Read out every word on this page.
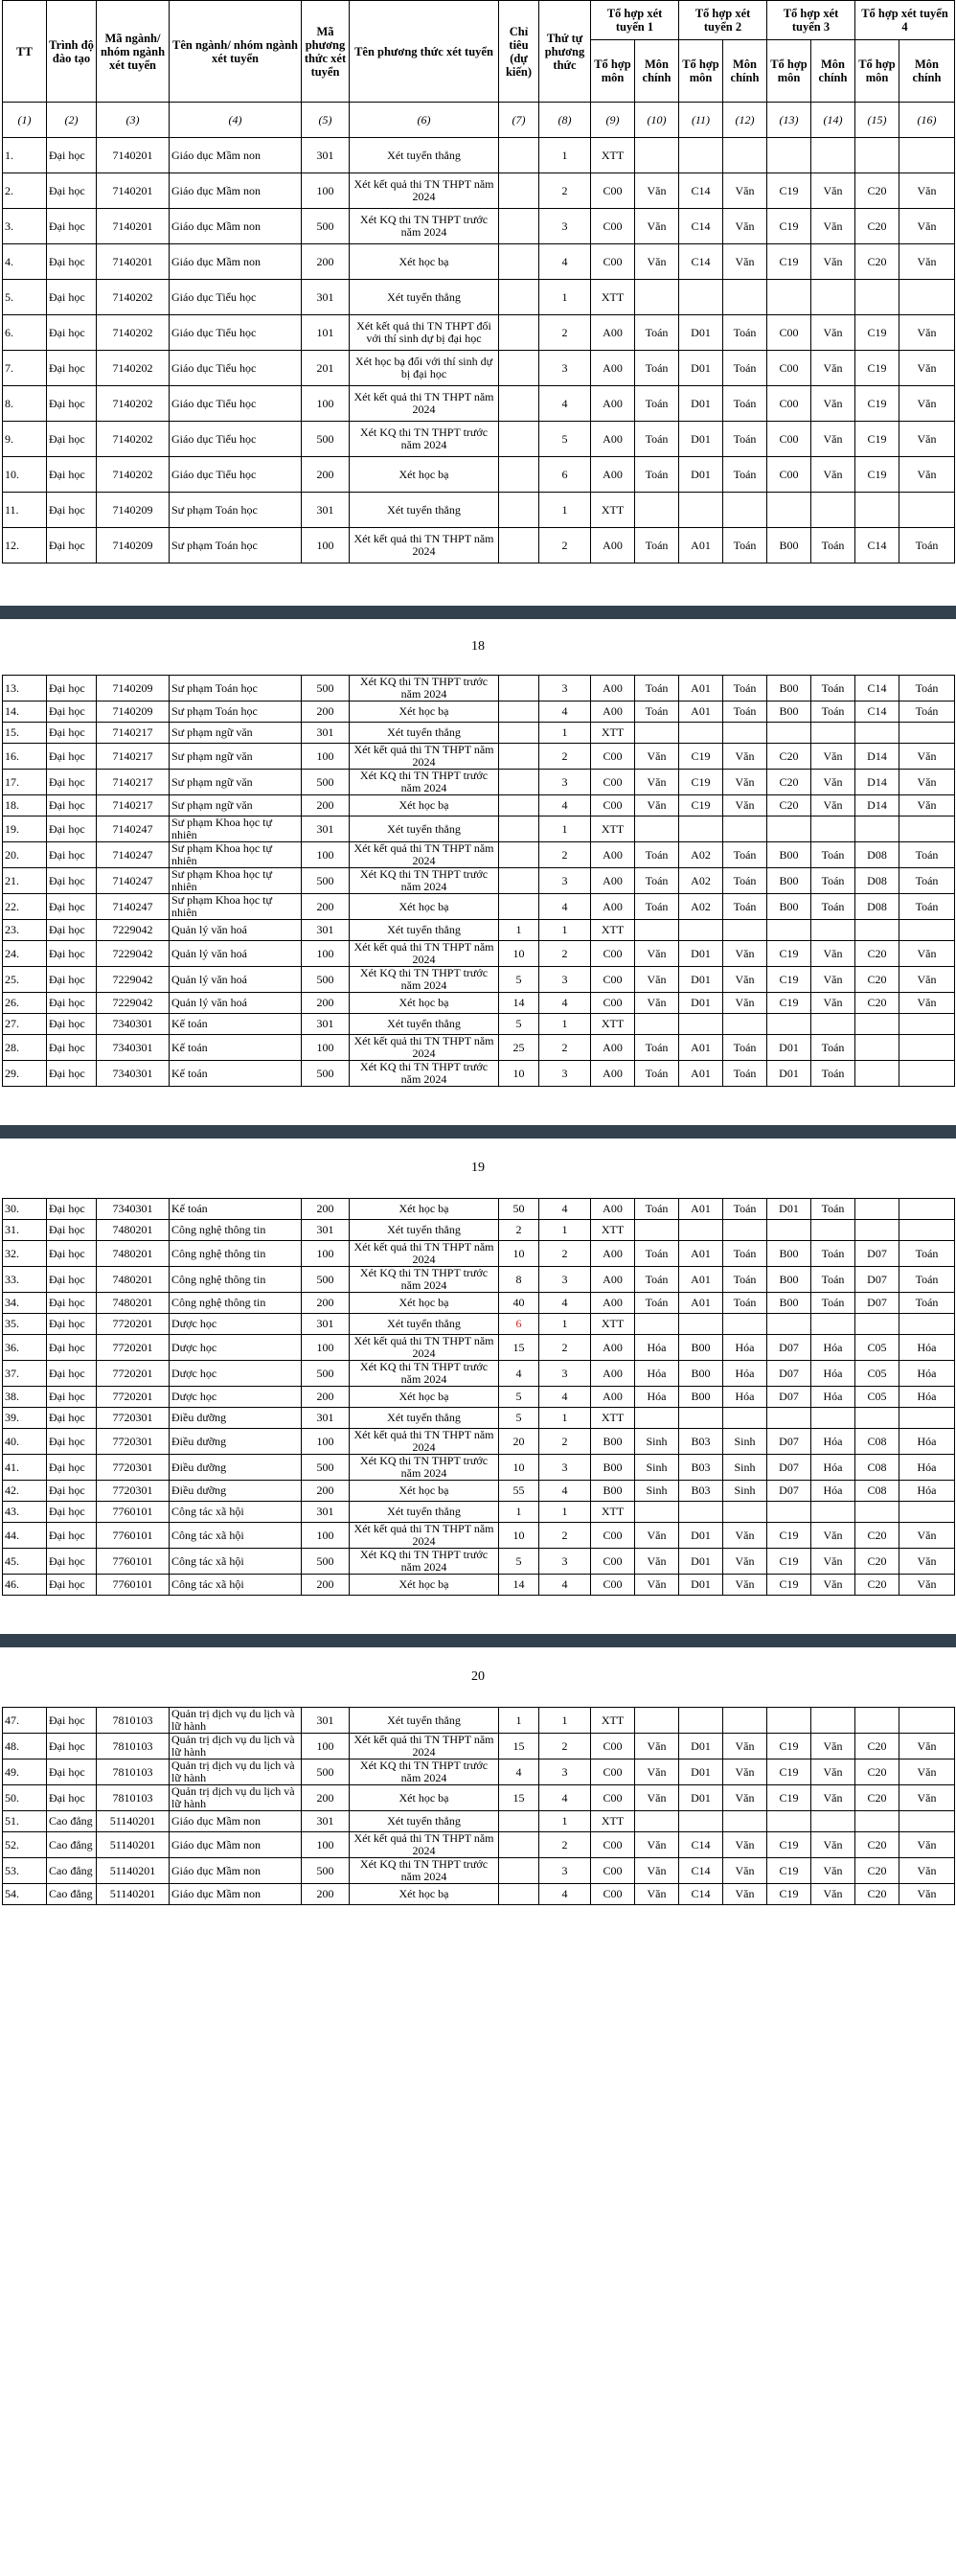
TT	Trình độ đào tạo	Mã ngành/ nhóm ngành xét tuyển	Tên ngành/ nhóm ngành xét tuyển	Mã phương thức xét tuyển	Tên phương thức xét tuyển	Chỉ tiêu (dự kiến)	Thứ tự phương thức	Tổ hợp xét tuyển 1		Tổ hợp xét tuyển 2		Tổ hợp xét tuyển 3		Tổ hợp xét tuyển 4	
								Tổ hợp môn	Môn chính	Tổ hợp môn	Môn chính	Tổ hợp môn	Môn chính	Tổ hợp môn	Môn chính
(1)	(2)	(3)	(4)	(5)	(6)	(7)	(8)	(9)	(10)	(11)	(12)	(13)	(14)	(15)	(16)
1.	Đại học	7140201	Giáo dục Mầm non	301	Xét tuyển thẳng		1	XTT							
2.	Đại học	7140201	Giáo dục Mầm non	100	Xét kết quả thi TN THPT năm 2024		2	C00	Văn	C14	Văn	C19	Văn	C20	Văn
3.	Đại học	7140201	Giáo dục Mầm non	500	Xét KQ thi TN THPT trước năm 2024		3	C00	Văn	C14	Văn	C19	Văn	C20	Văn
4.	Đại học	7140201	Giáo dục Mầm non	200	Xét học bạ		4	C00	Văn	C14	Văn	C19	Văn	C20	Văn
5.	Đại học	7140202	Giáo dục Tiểu học	301	Xét tuyển thẳng		1	XTT							
6.	Đại học	7140202	Giáo dục Tiểu học	101	Xét kết quả thi TN THPT đối với thí sinh dự bị đại học		2	A00	Toán	D01	Toán	C00	Văn	C19	Văn
7.	Đại học	7140202	Giáo dục Tiểu học	201	Xét học bạ đối với thí sinh dự bị đại học		3	A00	Toán	D01	Toán	C00	Văn	C19	Văn
8.	Đại học	7140202	Giáo dục Tiểu học	100	Xét kết quả thi TN THPT năm 2024		4	A00	Toán	D01	Toán	C00	Văn	C19	Văn
9.	Đại học	7140202	Giáo dục Tiểu học	500	Xét KQ thi TN THPT trước năm 2024		5	A00	Toán	D01	Toán	C00	Văn	C19	Văn
10.	Đại học	7140202	Giáo dục Tiểu học	200	Xét học bạ		6	A00	Toán	D01	Toán	C00	Văn	C19	Văn
11.	Đại học	7140209	Sư phạm Toán học	301	Xét tuyển thẳng		1	XTT							
12.	Đại học	7140209	Sư phạm Toán học	100	Xét kết quả thi TN THPT năm 2024		2	A00	Toán	A01	Toán	B00	Toán	C14	Toán
18
13.	Đại học	7140209	Sư phạm Toán học	500	Xét KQ thi TN THPT trước năm 2024		3	A00	Toán	A01	Toán	B00	Toán	C14	Toán
14.	Đại học	7140209	Sư phạm Toán học	200	Xét học bạ		4	A00	Toán	A01	Toán	B00	Toán	C14	Toán
15.	Đại học	7140217	Sư phạm ngữ văn	301	Xét tuyển thẳng		1	XTT							
16.	Đại học	7140217	Sư phạm ngữ văn	100	Xét kết quả thi TN THPT năm 2024		2	C00	Văn	C19	Văn	C20	Văn	D14	Văn
17.	Đại học	7140217	Sư phạm ngữ văn	500	Xét KQ thi TN THPT trước năm 2024		3	C00	Văn	C19	Văn	C20	Văn	D14	Văn
18.	Đại học	7140217	Sư phạm ngữ văn	200	Xét học bạ		4	C00	Văn	C19	Văn	C20	Văn	D14	Văn
19.	Đại học	7140247	Sư phạm Khoa học tự nhiên	301	Xét tuyển thẳng		1	XTT							
20.	Đại học	7140247	Sư phạm Khoa học tự nhiên	100	Xét kết quả thi TN THPT năm 2024		2	A00	Toán	A02	Toán	B00	Toán	D08	Toán
21.	Đại học	7140247	Sư phạm Khoa học tự nhiên	500	Xét KQ thi TN THPT trước năm 2024		3	A00	Toán	A02	Toán	B00	Toán	D08	Toán
22.	Đại học	7140247	Sư phạm Khoa học tự nhiên	200	Xét học bạ		4	A00	Toán	A02	Toán	B00	Toán	D08	Toán
23.	Đại học	7229042	Quản lý văn hoá	301	Xét tuyển thẳng	1	1	XTT							
24.	Đại học	7229042	Quản lý văn hoá	100	Xét kết quả thi TN THPT năm 2024	10	2	C00	Văn	D01	Văn	C19	Văn	C20	Văn
25.	Đại học	7229042	Quản lý văn hoá	500	Xét KQ thi TN THPT trước năm 2024	5	3	C00	Văn	D01	Văn	C19	Văn	C20	Văn
26.	Đại học	7229042	Quản lý văn hoá	200	Xét học bạ	14	4	C00	Văn	D01	Văn	C19	Văn	C20	Văn
27.	Đại học	7340301	Kế toán	301	Xét tuyển thẳng	5	1	XTT							
28.	Đại học	7340301	Kế toán	100	Xét kết quả thi TN THPT năm 2024	25	2	A00	Toán	A01	Toán	D01	Toán		
29.	Đại học	7340301	Kế toán	500	Xét KQ thi TN THPT trước năm 2024	10	3	A00	Toán	A01	Toán	D01	Toán		
19
30.	Đại học	7340301	Kế toán	200	Xét học bạ	50	4	A00	Toán	A01	Toán	D01	Toán		
31.	Đại học	7480201	Công nghệ thông tin	301	Xét tuyển thẳng	2	1	XTT							
32.	Đại học	7480201	Công nghệ thông tin	100	Xét kết quả thi TN THPT năm 2024	10	2	A00	Toán	A01	Toán	B00	Toán	D07	Toán
33.	Đại học	7480201	Công nghệ thông tin	500	Xét KQ thi TN THPT trước năm 2024	8	3	A00	Toán	A01	Toán	B00	Toán	D07	Toán
34.	Đại học	7480201	Công nghệ thông tin	200	Xét học bạ	40	4	A00	Toán	A01	Toán	B00	Toán	D07	Toán
35.	Đại học	7720201	Dược học	301	Xét tuyển thẳng	6	1	XTT							
36.	Đại học	7720201	Dược học	100	Xét kết quả thi TN THPT năm 2024	15	2	A00	Hóa	B00	Hóa	D07	Hóa	C05	Hóa
37.	Đại học	7720201	Dược học	500	Xét KQ thi TN THPT trước năm 2024	4	3	A00	Hóa	B00	Hóa	D07	Hóa	C05	Hóa
38.	Đại học	7720201	Dược học	200	Xét học bạ	5	4	A00	Hóa	B00	Hóa	D07	Hóa	C05	Hóa
39.	Đại học	7720301	Điều dưỡng	301	Xét tuyển thẳng	5	1	XTT							
40.	Đại học	7720301	Điều dưỡng	100	Xét kết quả thi TN THPT năm 2024	20	2	B00	Sinh	B03	Sinh	D07	Hóa	C08	Hóa
41.	Đại học	7720301	Điều dưỡng	500	Xét KQ thi TN THPT trước năm 2024	10	3	B00	Sinh	B03	Sinh	D07	Hóa	C08	Hóa
42.	Đại học	7720301	Điều dưỡng	200	Xét học bạ	55	4	B00	Sinh	B03	Sinh	D07	Hóa	C08	Hóa
43.	Đại học	7760101	Công tác xã hội	301	Xét tuyển thẳng	1	1	XTT							
44.	Đại học	7760101	Công tác xã hội	100	Xét kết quả thi TN THPT năm 2024	10	2	C00	Văn	D01	Văn	C19	Văn	C20	Văn
45.	Đại học	7760101	Công tác xã hội	500	Xét KQ thi TN THPT trước năm 2024	5	3	C00	Văn	D01	Văn	C19	Văn	C20	Văn
46.	Đại học	7760101	Công tác xã hội	200	Xét học bạ	14	4	C00	Văn	D01	Văn	C19	Văn	C20	Văn
20
47.	Đại học	7810103	Quản trị dịch vụ du lịch và lữ hành	301	Xét tuyển thẳng	1	1	XTT							
48.	Đại học	7810103	Quản trị dịch vụ du lịch và lữ hành	100	Xét kết quả thi TN THPT năm 2024	15	2	C00	Văn	D01	Văn	C19	Văn	C20	Văn
49.	Đại học	7810103	Quản trị dịch vụ du lịch và lữ hành	500	Xét KQ thi TN THPT trước năm 2024	4	3	C00	Văn	D01	Văn	C19	Văn	C20	Văn
50.	Đại học	7810103	Quản trị dịch vụ du lịch và lữ hành	200	Xét học bạ	15	4	C00	Văn	D01	Văn	C19	Văn	C20	Văn
51.	Cao đẳng	51140201	Giáo dục Mầm non	301	Xét tuyển thẳng		1	XTT							
52.	Cao đẳng	51140201	Giáo dục Mầm non	100	Xét kết quả thi TN THPT năm 2024		2	C00	Văn	C14	Văn	C19	Văn	C20	Văn
53.	Cao đẳng	51140201	Giáo dục Mầm non	500	Xét KQ thi TN THPT trước năm 2024		3	C00	Văn	C14	Văn	C19	Văn	C20	Văn
54.	Cao đẳng	51140201	Giáo dục Mầm non	200	Xét học bạ		4	C00	Văn	C14	Văn	C19	Văn	C20	Văn
